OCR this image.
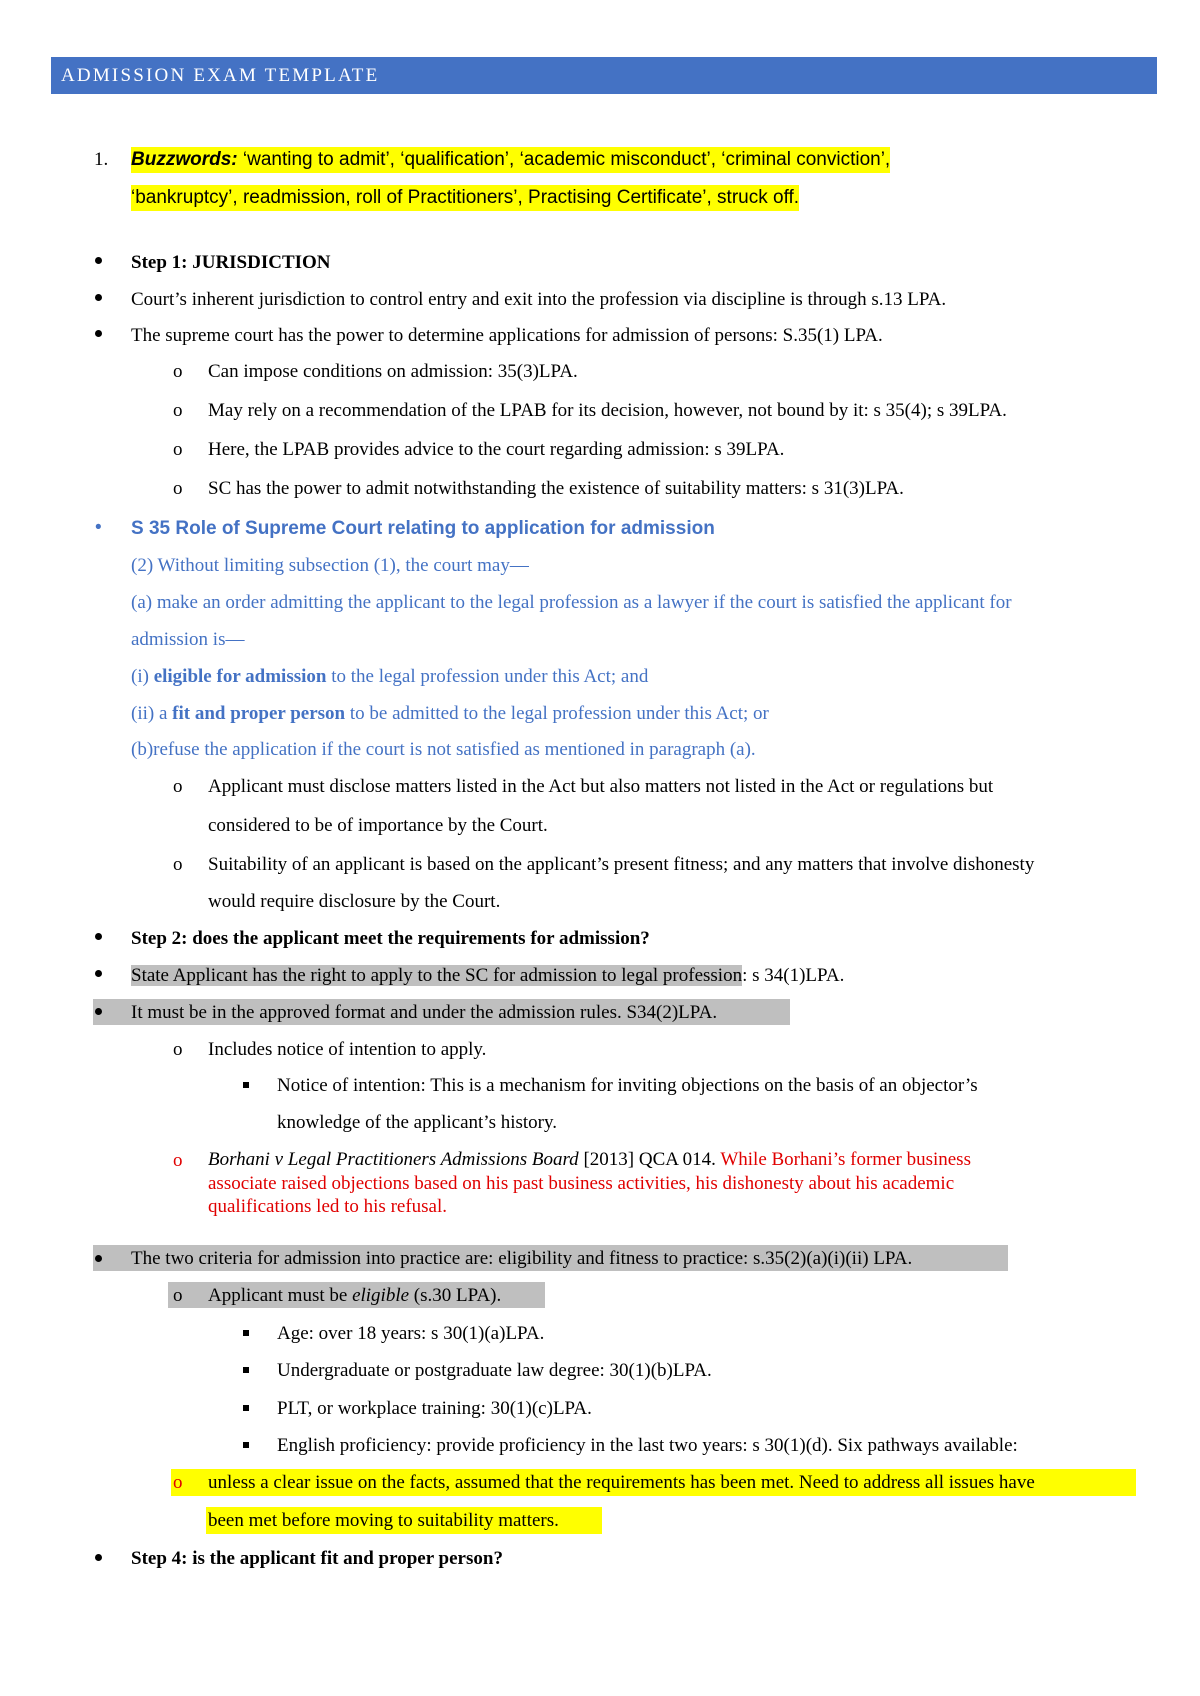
ADMISSION EXAM TEMPLATE
1. Buzzwords: ‘wanting to admit’, ‘qualification’, ‘academic misconduct’, ‘criminal conviction’,
‘bankruptcy’, readmission, roll of Practitioners’, Practising Certificate’, struck off.
Step 1: JURISDICTION
Court’s inherent jurisdiction to control entry and exit into the profession via discipline is through s.13 LPA.
The supreme court has the power to determine applications for admission of persons: S.35(1) LPA.
o Can impose conditions on admission: 35(3)LPA.
o May rely on a recommendation of the LPAB for its decision, however, not bound by it: s 35(4); s 39LPA.
o Here, the LPAB provides advice to the court regarding admission: s 39LPA.
o SC has the power to admit notwithstanding the existence of suitability matters: s 31(3)LPA.
• S 35 Role of Supreme Court relating to application for admission
(2) Without limiting subsection (1), the court may—
(a) make an order admitting the applicant to the legal profession as a lawyer if the court is satisfied the applicant for
admission is—
(i) eligible for admission to the legal profession under this Act; and
(ii) a fit and proper person to be admitted to the legal profession under this Act; or
(b)refuse the application if the court is not satisfied as mentioned in paragraph (a).
o Applicant must disclose matters listed in the Act but also matters not listed in the Act or regulations but
considered to be of importance by the Court.
o Suitability of an applicant is based on the applicant’s present fitness; and any matters that involve dishonesty
would require disclosure by the Court.
Step 2: does the applicant meet the requirements for admission?
State Applicant has the right to apply to the SC for admission to legal profession: s 34(1)LPA.
It must be in the approved format and under the admission rules. S34(2)LPA.
o Includes notice of intention to apply.
Notice of intention: This is a mechanism for inviting objections on the basis of an objector’s
knowledge of the applicant’s history.
o Borhani v Legal Practitioners Admissions Board [2013] QCA 014. While Borhani’s former business
associate raised objections based on his past business activities, his dishonesty about his academic
qualifications led to his refusal.
The two criteria for admission into practice are: eligibility and fitness to practice: s.35(2)(a)(i)(ii) LPA.
o Applicant must be eligible (s.30 LPA).
Age: over 18 years: s 30(1)(a)LPA.
Undergraduate or postgraduate law degree: 30(1)(b)LPA.
PLT, or workplace training: 30(1)(c)LPA.
English proficiency: provide proficiency in the last two years: s 30(1)(d). Six pathways available:
o unless a clear issue on the facts, assumed that the requirements has been met. Need to address all issues have
been met before moving to suitability matters.
Step 4: is the applicant fit and proper person?
